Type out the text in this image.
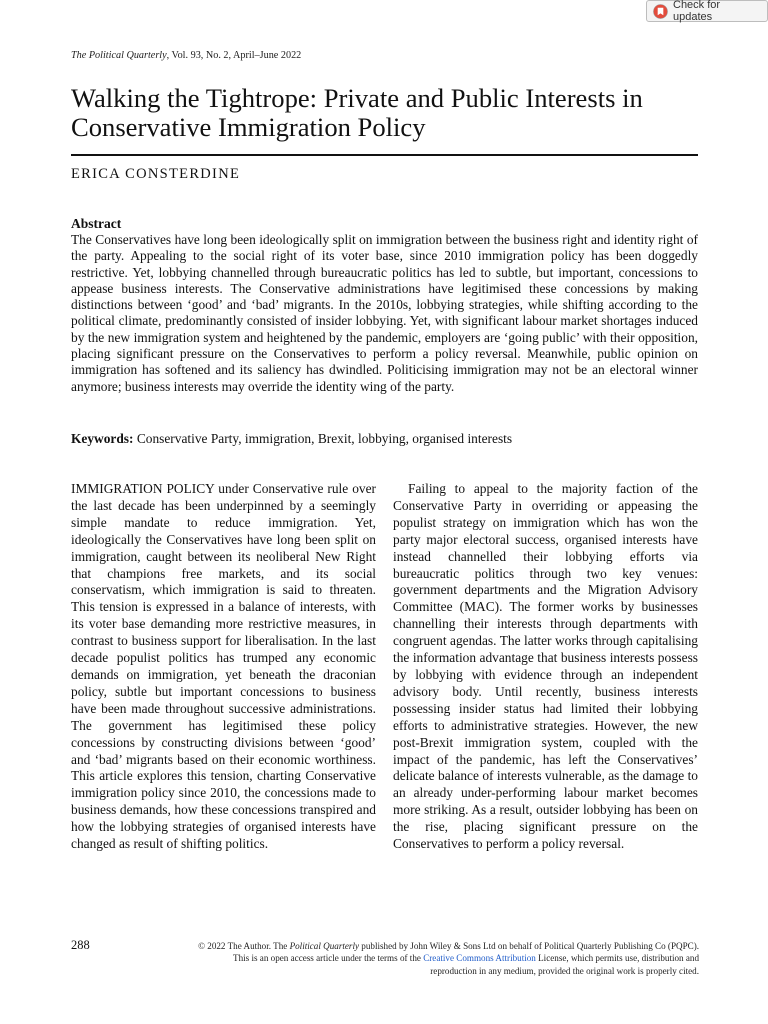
Check for updates
The Political Quarterly, Vol. 93, No. 2, April–June 2022
Walking the Tightrope: Private and Public Interests in Conservative Immigration Policy
ERICA CONSTERDINE
Abstract

The Conservatives have long been ideologically split on immigration between the business right and identity right of the party. Appealing to the social right of its voter base, since 2010 immigration policy has been doggedly restrictive. Yet, lobbying channelled through bureaucratic politics has led to subtle, but important, concessions to appease business interests. The Conservative administrations have legitimised these concessions by making distinctions between ‘good’ and ‘bad’ migrants. In the 2010s, lobbying strategies, while shifting according to the political climate, predominantly consisted of insider lobbying. Yet, with significant labour market shortages induced by the new immigration system and heightened by the pandemic, employers are ‘going public’ with their opposition, placing significant pressure on the Conservatives to perform a policy reversal. Meanwhile, public opinion on immigration has softened and its saliency has dwindled. Politicising immigration may not be an electoral winner anymore; business interests may override the identity wing of the party.

Keywords: Conservative Party, immigration, Brexit, lobbying, organised interests

IMMIGRATION POLICY under Conservative rule over the last decade has been underpinned by a seemingly simple mandate to reduce immigration. Yet, ideologically the Conservatives have long been split on immigration, caught between its neoliberal New Right that champions free markets, and its social conservatism, which immigration is said to threaten. This tension is expressed in a balance of interests, with its voter base demanding more restrictive measures, in contrast to business support for liberalisation. In the last decade populist politics has trumped any economic demands on immigration, yet beneath the draconian policy, subtle but important concessions to business have been made throughout successive administrations. The government has legitimised these policy concessions by constructing divisions between ‘good’ and ‘bad’ migrants based on their economic worthiness. This article explores this tension, charting Conservative immigration policy since 2010, the concessions made to business demands, how these concessions transpired and how the lobbying strategies of organised interests have changed as result of shifting politics.

Failing to appeal to the majority faction of the Conservative Party in overriding or appeasing the populist strategy on immigration which has won the party major electoral success, organised interests have instead channelled their lobbying efforts via bureaucratic politics through two key venues: government departments and the Migration Advisory Committee (MAC). The former works by businesses channelling their interests through departments with congruent agendas. The latter works through capitalising the information advantage that business interests possess by lobbying with evidence through an independent advisory body. Until recently, business interests possessing insider status had limited their lobbying efforts to administrative strategies. However, the new post-Brexit immigration system, coupled with the impact of the pandemic, has left the Conservatives’ delicate balance of interests vulnerable, as the damage to an already under-performing labour market becomes more striking. As a result, outsider lobbying has been on the rise, placing significant pressure on the Conservatives to perform a policy reversal.

288	© 2022 The Author. The Political Quarterly published by John Wiley & Sons Ltd on behalf of Political Quarterly Publishing Co (PQPC).
This is an open access article under the terms of the Creative Commons Attribution License, which permits use, distribution and
reproduction in any medium, provided the original work is properly cited.
